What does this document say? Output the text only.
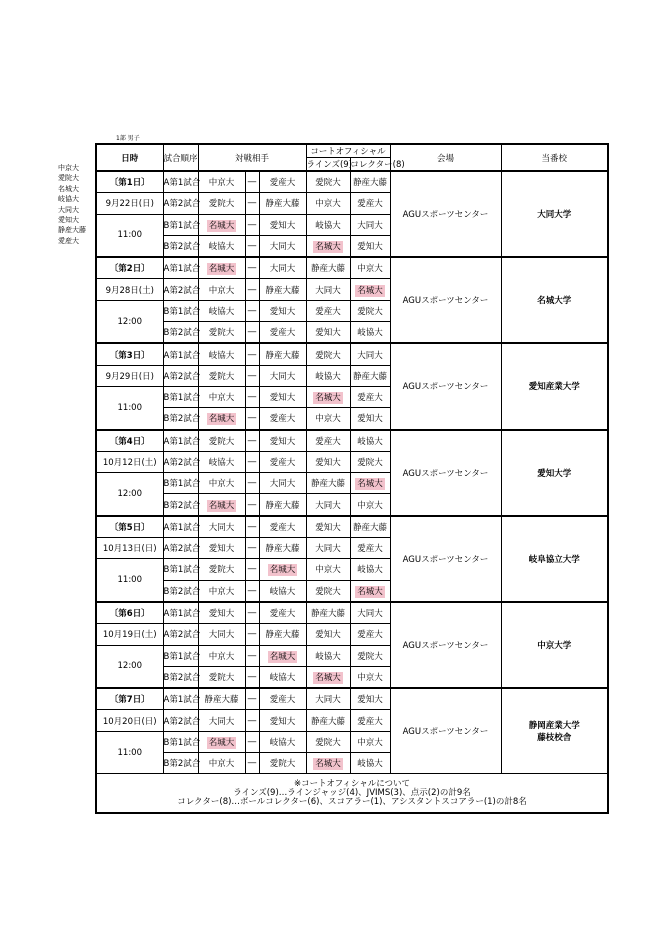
1部 男子
中京大
愛院大
名城大
岐協大
大同大
愛知大
静産大藤
愛産大
日時	試合順序	対戦相手			コートオフィシャル		会場	当番校
					ラインズ(9)	コレクター(8)		
〔第1日〕	A第1試合	中京大	―	愛産大	愛院大	静産大藤	AGUスポーツセンター	大同大学

9月22日(日)	A第2試合	愛院大	―	静産大藤	中京大	愛産大		
11:00	B第1試合	名城大	―	愛知大	岐協大	大同大		
	B第2試合	岐協大	―	大同大	名城大	愛知大		
〔第2日〕	A第1試合	名城大	―	大同大	静産大藤	中京大	AGUスポーツセンター	名城大学

9月28日(土)	A第2試合	中京大	―	静産大藤	大同大	名城大		
12:00	B第1試合	岐協大	―	愛知大	愛産大	愛院大		
	B第2試合	愛院大	―	愛産大	愛知大	岐協大		
〔第3日〕	A第1試合	岐協大	―	静産大藤	愛院大	大同大	AGUスポーツセンター	愛知産業大学

9月29日(日)	A第2試合	愛院大	―	大同大	岐協大	静産大藤		
11:00	B第1試合	中京大	―	愛知大	名城大	愛産大		
	B第2試合	名城大	―	愛産大	中京大	愛知大		
〔第4日〕	A第1試合	愛院大	―	愛知大	愛産大	岐協大	AGUスポーツセンター	愛知大学

10月12日(土)	A第2試合	岐協大	―	愛産大	愛知大	愛院大		
12:00	B第1試合	中京大	―	大同大	静産大藤	名城大		
	B第2試合	名城大	―	静産大藤	大同大	中京大		
〔第5日〕	A第1試合	大同大	―	愛産大	愛知大	静産大藤	AGUスポーツセンター	岐阜協立大学

10月13日(日)	A第2試合	愛知大	―	静産大藤	大同大	愛産大		
11:00	B第1試合	愛院大	―	名城大	中京大	岐協大		
	B第2試合	中京大	―	岐協大	愛院大	名城大		
〔第6日〕	A第1試合	愛知大	―	愛産大	静産大藤	大同大	AGUスポーツセンター	中京大学

10月19日(土)	A第2試合	大同大	―	静産大藤	愛知大	愛産大		
12:00	B第1試合	中京大	―	名城大	岐協大	愛院大		
	B第2試合	愛院大	―	岐協大	名城大	中京大		
〔第7日〕	A第1試合	静産大藤	―	愛産大	大同大	愛知大	AGUスポーツセンター	静岡産業大学
藤枝校舎

10月20日(日)	A第2試合	大同大	―	愛知大	静産大藤	愛産大		
11:00	B第1試合	名城大	―	岐協大	愛院大	中京大		
	B第2試合	中京大	―	愛院大	名城大	岐協大		

※コートオフィシャルについて
ラインズ(9)…ラインジャッジ(4)、JVIMS(3)、点示(2)の計9名
コレクター(8)…ボールコレクター(6)、スコアラー(1)、アシスタントスコアラー(1)の計8名								
